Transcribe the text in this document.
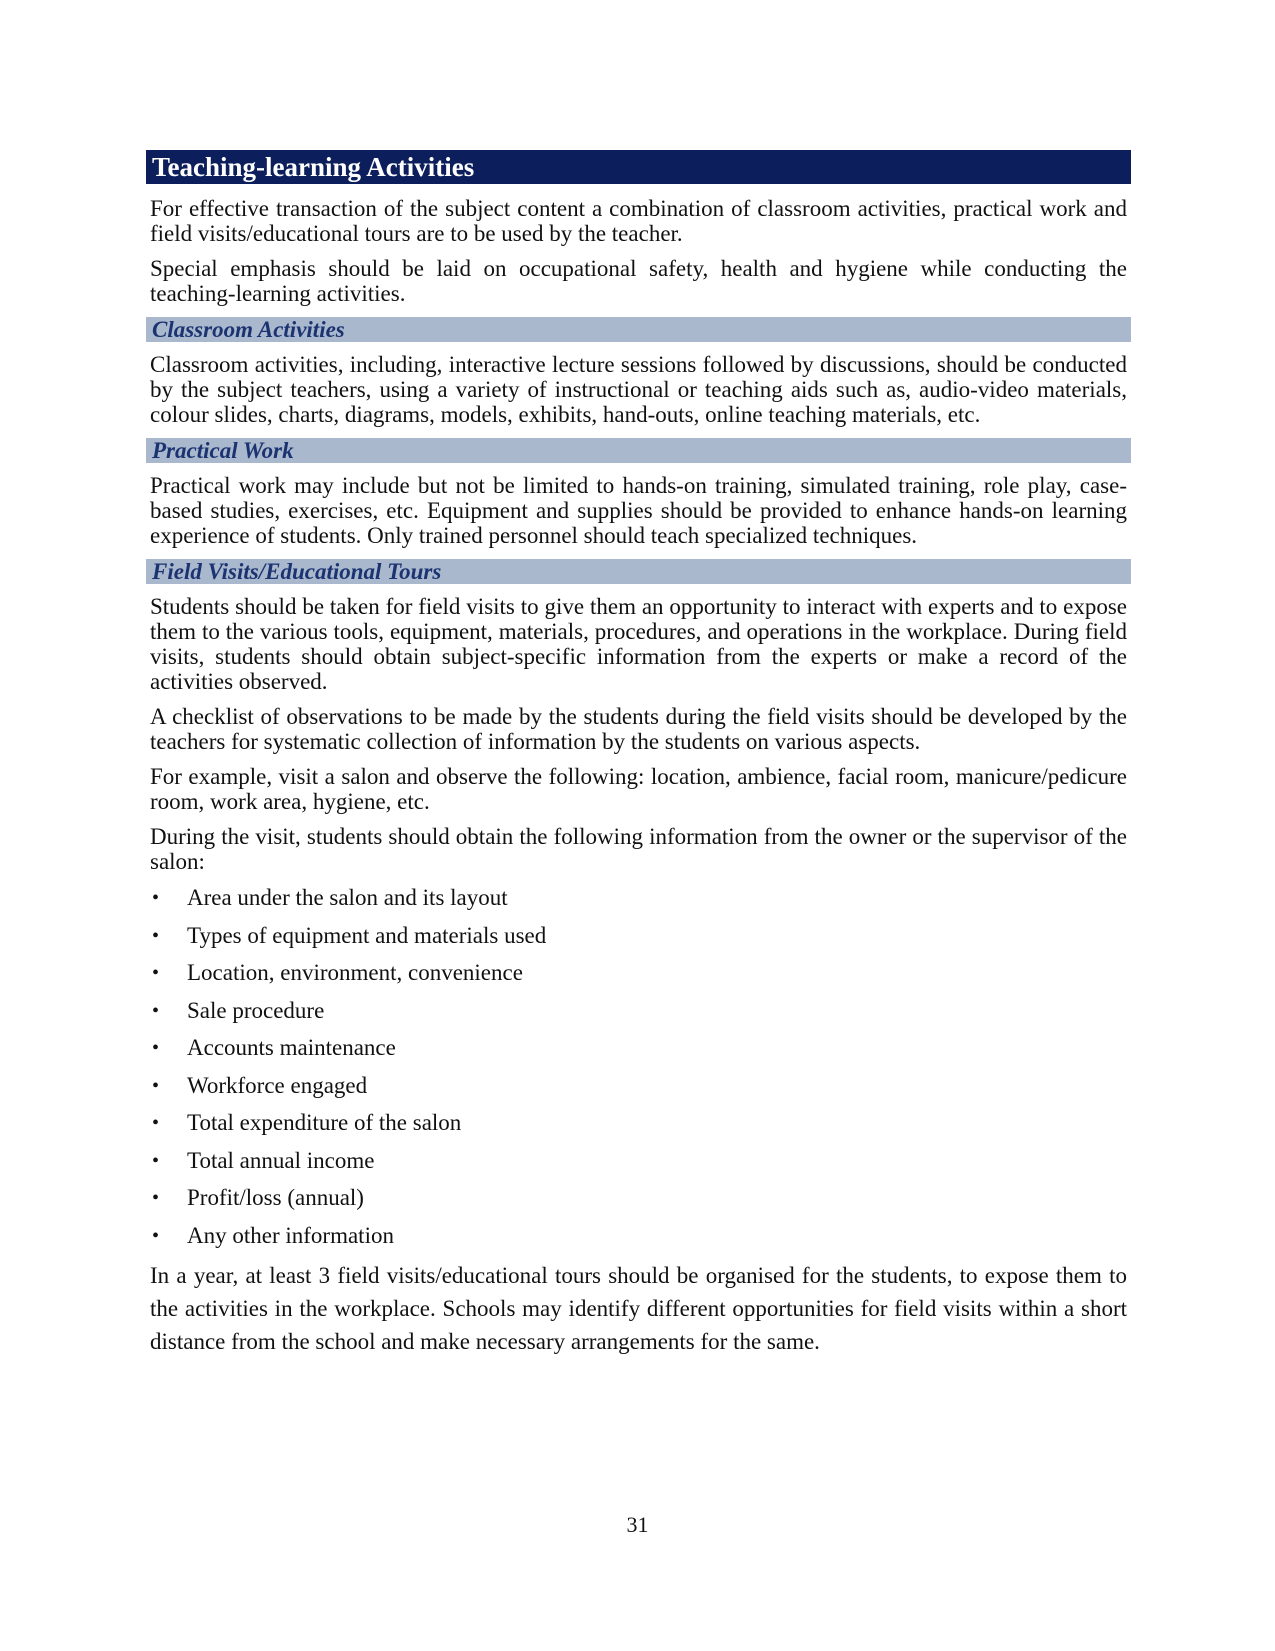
Teaching-learning Activities

For effective transaction of the subject content a combination of classroom activities, practical work and field visits/educational tours are to be used by the teacher.

Special emphasis should be laid on occupational safety, health and hygiene while conducting the teaching-learning activities.

Classroom Activities

Classroom activities, including, interactive lecture sessions followed by discussions, should be conducted by the subject teachers, using a variety of instructional or teaching aids such as, audio-video materials, colour slides, charts, diagrams, models, exhibits, hand-outs, online teaching materials, etc.

Practical Work

Practical work may include but not be limited to hands-on training, simulated training, role play, case-based studies, exercises, etc. Equipment and supplies should be provided to enhance hands-on learning experience of students. Only trained personnel should teach specialized techniques.

Field Visits/Educational Tours

Students should be taken for field visits to give them an opportunity to interact with experts and to expose them to the various tools, equipment, materials, procedures, and operations in the workplace. During field visits, students should obtain subject-specific information from the experts or make a record of the activities observed.

A checklist of observations to be made by the students during the field visits should be developed by the teachers for systematic collection of information by the students on various aspects.

For example, visit a salon and observe the following: location, ambience, facial room, manicure/pedicure room, work area, hygiene, etc.

During the visit, students should obtain the following information from the owner or the supervisor of the salon:

• Area under the salon and its layout
• Types of equipment and materials used
• Location, environment, convenience
• Sale procedure
• Accounts maintenance
• Workforce engaged
• Total expenditure of the salon
• Total annual income
• Profit/loss (annual)
• Any other information

In a year, at least 3 field visits/educational tours should be organised for the students, to expose them to the activities in the workplace. Schools may identify different opportunities for field visits within a short distance from the school and make necessary arrangements for the same.

31
